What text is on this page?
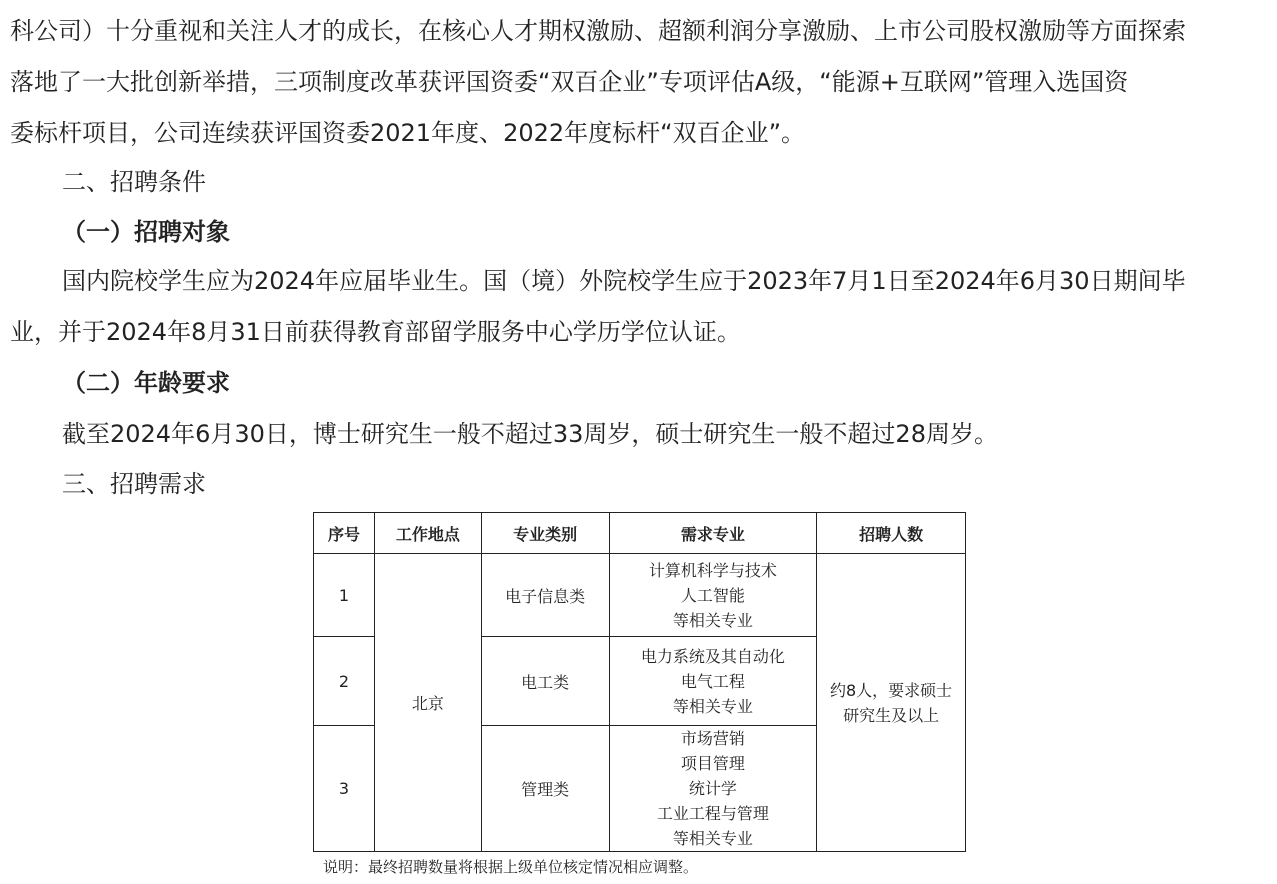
科公司）十分重视和关注人才的成长，在核心人才期权激励、超额利润分享激励、上市公司股权激励等方面探索

落地了一大批创新举措，三项制度改革获评国资委“双百企业”专项评估A级，“能源+互联网”管理入选国资

委标杆项目，公司连续获评国资委2021年度、2022年度标杆“双百企业”。

二、招聘条件

（一）招聘对象

国内院校学生应为2024年应届毕业生。国（境）外院校学生应于2023年7月1日至2024年6月30日期间毕

业，并于2024年8月31日前获得教育部留学服务中心学历学位认证。

（二）年龄要求

截至2024年6月30日，博士研究生一般不超过33周岁，硕士研究生一般不超过28周岁。

三、招聘需求

序号	工作地点	专业类别	需求专业	招聘人数
1	北京	电子信息类	计算机科学与技术
人工智能
等相关专业	约8人，要求硕士
研究生及以上

2		电工类	电力系统及其自动化
电气工程
等相关专业	

3		管理类	市场营销
项目管理
统计学
工业工程与管理
等相关专业	
说明：最终招聘数量将根据上级单位核定情况相应调整。
